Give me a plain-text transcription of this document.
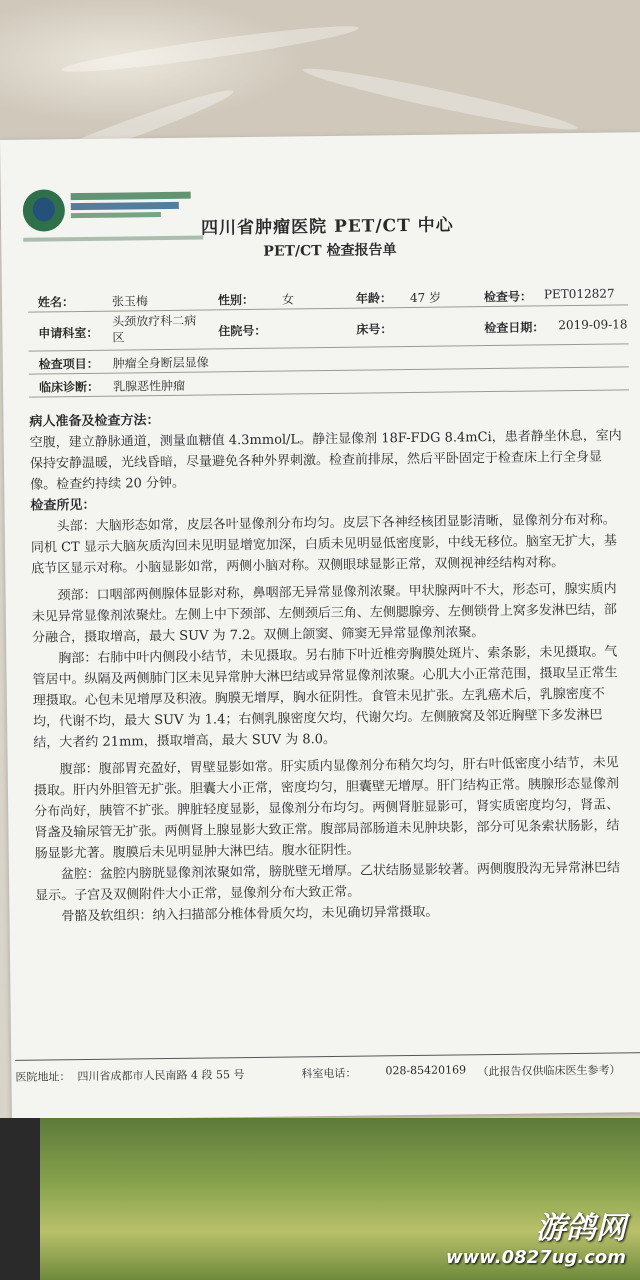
四川省肿瘤医院 PET/CT 中心
PET/CT 检查报告单
姓名：	张玉梅	性别： 女	年龄： 47 岁	检查号： PET012827
申请科室：
头颈放疗科二病区	住院号：	床号：	检查日期： 2019-09-18
检查项目： 肿瘤全身断层显像
临床诊断： 乳腺恶性肿瘤
病人准备及检查方法：

空腹，建立静脉通道，测量血糖值 4.3mmol/L。静注显像剂 18F-FDG 8.4mCi，患者静坐休息，室内保持安静温暖，光线昏暗，尽量避免各种外界刺激。检查前排尿，然后平卧固定于检查床上行全身显像。检查约持续 20 分钟。

检查所见：

头部：大脑形态如常，皮层各叶显像剂分布均匀。皮层下各神经核团显影清晰，显像剂分布对称。同机 CT 显示大脑灰质沟回未见明显增宽加深，白质未见明显低密度影，中线无移位。脑室无扩大，基底节区显示对称。小脑显影如常，两侧小脑对称。双侧眼球显影正常，双侧视神经结构对称。

颈部：口咽部两侧腺体显影对称，鼻咽部无异常显像剂浓聚。甲状腺两叶不大，形态可，腺实质内未见异常显像剂浓聚灶。左侧上中下颈部、左侧颈后三角、左侧腮腺旁、左侧锁骨上窝多发淋巴结，部分融合，摄取增高，最大 SUV 为 7.2。双侧上颌窦、筛窦无异常显像剂浓聚。

胸部：右肺中叶内侧段小结节，未见摄取。另右肺下叶近椎旁胸膜处斑片、索条影，未见摄取。气管居中。纵隔及两侧肺门区未见异常肿大淋巴结或异常显像剂浓聚。心肌大小正常范围，摄取呈正常生理摄取。心包未见增厚及积液。胸膜无增厚，胸水征阴性。食管未见扩张。左乳癌术后，乳腺密度不均，代谢不均，最大 SUV 为 1.4；右侧乳腺密度欠均，代谢欠均。左侧腋窝及邻近胸壁下多发淋巴结，大者约 21mm，摄取增高，最大 SUV 为 8.0。

腹部：腹部胃充盈好，胃壁显影如常。肝实质内显像剂分布稍欠均匀，肝右叶低密度小结节，未见摄取。肝内外胆管无扩张。胆囊大小正常，密度均匀，胆囊壁无增厚。肝门结构正常。胰腺形态显像剂分布尚好，胰管不扩张。脾脏轻度显影，显像剂分布均匀。两侧肾脏显影可，肾实质密度均匀，肾盂、肾盏及输尿管无扩张。两侧肾上腺显影大致正常。腹部局部肠道未见肿块影，部分可见条索状肠影，结肠显影尤著。腹膜后未见明显肿大淋巴结。腹水征阴性。

盆腔：盆腔内膀胱显像剂浓聚如常，膀胱壁无增厚。乙状结肠显影较著。两侧腹股沟无异常淋巴结显示。子宫及双侧附件大小正常，显像剂分布大致正常。

骨骼及软组织：纳入扫描部分椎体骨质欠均，未见确切异常摄取。

医院地址： 四川省成都市人民南路 4 段 55 号	科室电话：	028-85420169 （此报告仅供临床医生参考）
游鸽网
www.0827ug.com
